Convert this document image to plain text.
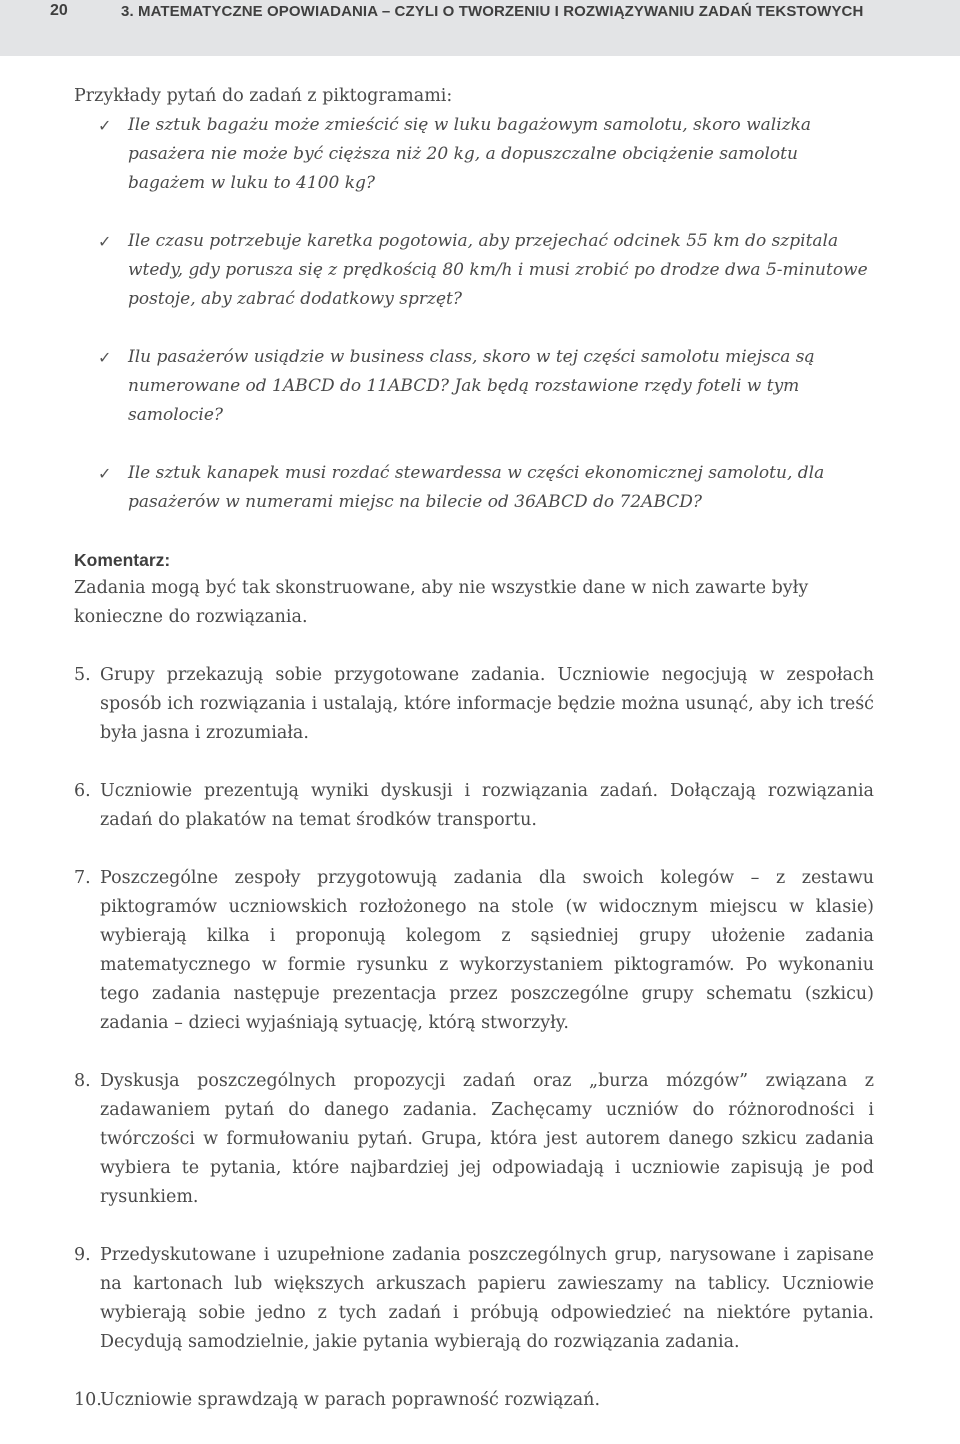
20	3. MATEMATYCZNE OPOWIADANIA – CZYLI O TWORZENIU I ROZWIĄZYWANIU ZADAŃ TEKSTOWYCH

Przykłady pytań do zadań z piktogramami:

✓ Ile sztuk bagażu może zmieścić się w luku bagażowym samolotu, skoro walizka pasażera nie może być cięższa niż 20 kg, a dopuszczalne obciążenie samolotu bagażem w luku to 4100 kg?
✓ Ile czasu potrzebuje karetka pogotowia, aby przejechać odcinek 55 km do szpitala wtedy, gdy porusza się z prędkością 80 km/h i musi zrobić po drodze dwa 5-minutowe postoje, aby zabrać dodatkowy sprzęt?
✓ Ilu pasażerów usiądzie w business class, skoro w tej części samolotu miejsca są numerowane od 1ABCD do 11ABCD? Jak będą rozstawione rzędy foteli w tym samolocie?
✓ Ile sztuk kanapek musi rozdać stewardessa w części ekonomicznej samolotu, dla pasażerów w numerami miejsc na bilecie od 36ABCD do 72ABCD?

Komentarz:

Zadania mogą być tak skonstruowane, aby nie wszystkie dane w nich zawarte były konieczne do rozwiązania.

5. Grupy przekazują sobie przygotowane zadania. Uczniowie negocjują w zespołach sposób ich rozwiązania i ustalają, które informacje będzie można usunąć, aby ich treść była jasna i zrozumiała.
6. Uczniowie prezentują wyniki dyskusji i rozwiązania zadań. Dołączają rozwiązania zadań do plakatów na temat środków transportu.
7. Poszczególne zespoły przygotowują zadania dla swoich kolegów – z zestawu piktogramów uczniowskich rozłożonego na stole (w widocznym miejscu w klasie) wybierają kilka i proponują kolegom z sąsiedniej grupy ułożenie zadania matematycznego w formie rysunku z wykorzystaniem piktogramów. Po wykonaniu tego zadania następuje prezentacja przez poszczególne grupy schematu (szkicu) zadania – dzieci wyjaśniają sytuację, którą stworzyły.
8. Dyskusja poszczególnych propozycji zadań oraz „burza mózgów” związana z zadawaniem pytań do danego zadania. Zachęcamy uczniów do różnorodności i twórczości w formułowaniu pytań. Grupa, która jest autorem danego szkicu zadania wybiera te pytania, które najbardziej jej odpowiadają i uczniowie zapisują je pod rysunkiem.
9. Przedyskutowane i uzupełnione zadania poszczególnych grup, narysowane i zapisane na kartonach lub większych arkuszach papieru zawieszamy na tablicy. Uczniowie wybierają sobie jedno z tych zadań i próbują odpowiedzieć na niektóre pytania. Decydują samodzielnie, jakie pytania wybierają do rozwiązania zadania.
10.
Uczniowie sprawdzają w parach poprawność rozwiązań.
